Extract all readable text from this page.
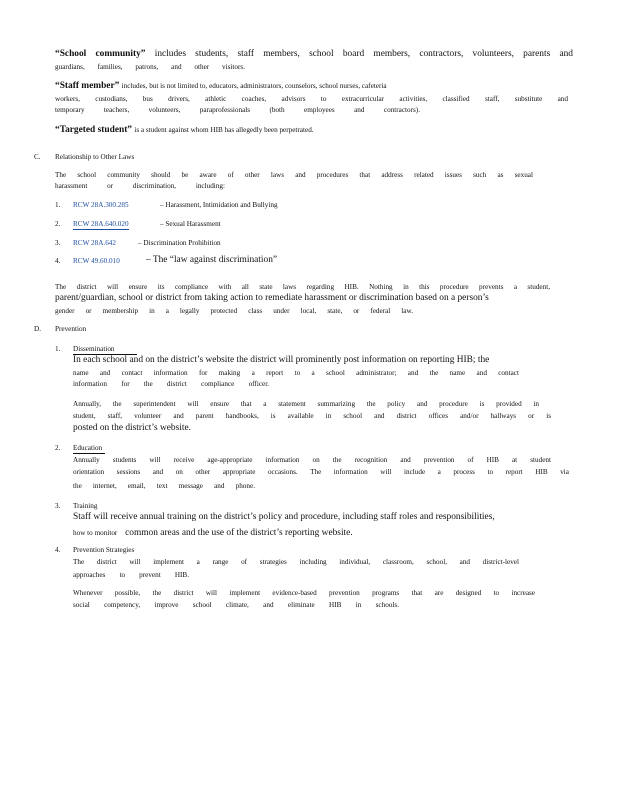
“School community” includes students, staff members, school board members, contractors, volunteers, parents and
guardians, families, patrons, and other visitors.
“Staff member” includes, but is not limited to, educators, administrators, counselors, school nurses, cafeteria
workers, custodians, bus drivers, athletic coaches, advisors to extracurricular activities, classified staff, substitute and
temporary teachers, volunteers, paraprofessionals (both employees and contractors).
“Targeted student” is a student against whom HIB has allegedly been perpetrated.
C. Relationship to Other Laws
The school community should be aware of other laws and procedures that address related issues such as sexual
harassment or discrimination, including:
1. RCW 28A.300.285	– Harassment, Intimidation and Bullying
2. RCW 28A.640.020	– Sexual Harassment
3. RCW 28A.642	– Discrimination Prohibition
4. RCW 49.60.010	– The “law against discrimination”
The district will ensure its compliance with all state laws regarding HIB. Nothing in this procedure prevents a student,
parent/guardian, school or district from taking action to remediate harassment or discrimination based on a person’s
gender or membership in a legally protected class under local, state, or federal law.
D. Prevention
1. Dissemination
In each school and on the district’s website the district will prominently post information on reporting HIB; the
name and contact information for making a report to a school administrator; and the name and contact
information for the district compliance officer.
Annually, the superintendent will ensure that a statement summarizing the policy and procedure is provided in
student, staff, volunteer and parent handbooks, is available in school and district offices and/or hallways or is
posted on the district’s website.
2. Education
Annually students will receive age-appropriate information on the recognition and prevention of HIB at student
orientation sessions and on other appropriate occasions. The information will include a process to report HIB via
the internet, email, text message and phone.
3. Training
Staff will receive annual training on the district’s policy and procedure, including staff roles and responsibilities,
how to monitor common areas and the use of the district’s reporting website.
4. Prevention Strategies
The district will implement a range of strategies including individual, classroom, school, and district-level
approaches to prevent HIB.
Whenever possible, the district will implement evidence-based prevention programs that are designed to increase
social competency, improve school climate, and eliminate HIB in schools.
